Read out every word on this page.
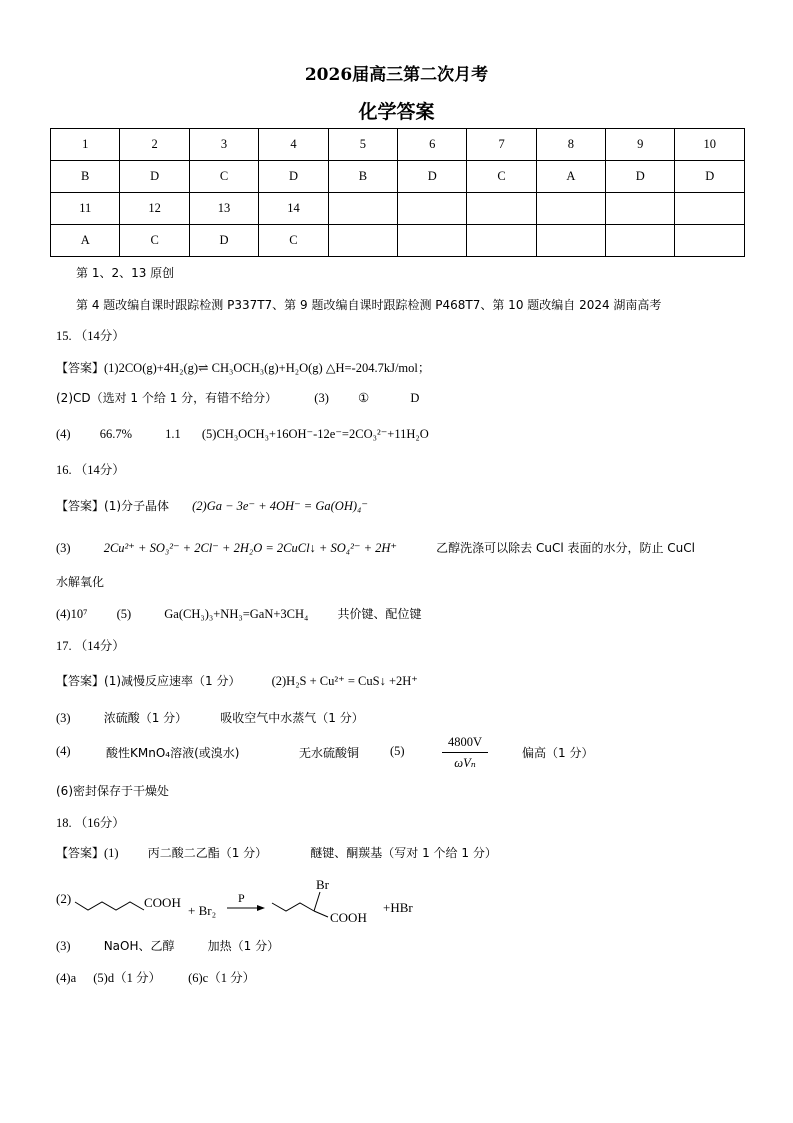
2026届高三第二次月考
化学答案
1	2	3	4	5	6	7	8	9	10
B	D	C	D	B	D	C	A	D	D
11	12	13	14						
A	C	D	C						
第 1、2、13 原创
第 4 题改编自课时跟踪检测 P337T7、第 9 题改编自课时跟踪检测 P468T7、第 10 题改编自 2024 湖南高考
15. （14分）
【答案】(1)2CO(g)+4H₂(g)⇌ CH₃OCH₃(g)+H₂O(g) △H=-204.7kJ/mol；
(2)CD（选对 1 个给 1 分，有错不给分）	(3) ①	D
(4) 66.7%	1.1 (5)CH₃OCH₃+16OH⁻-12e⁻=2CO₃²⁻+11H₂O
16. （14分）
【答案】(1)分子晶体 (2)Ga − 3e⁻ + 4OH⁻ = Ga(OH)₄⁻
(3)	2Cu²⁺ + SO₃²⁻ + 2Cl⁻ + 2H₂O = 2CuCl↓ + SO₄²⁻ + 2H⁺	乙醇洗涤可以除去 CuCl 表面的水分，防止 CuCl
水解氧化
(4)10⁷ (5)	Ga(CH₃)₃+NH₃=GaN+3CH₄ 共价键、配位键
17. （14分）
【答案】(1)减慢反应速率（1 分） (2)H₂S + Cu²⁺ = CuS↓ +2H⁺
(3)	浓硫酸（1 分）	吸收空气中水蒸气（1 分）
(4)	酸性KMnO₄溶液(或溴水)	无水硫酸铜 (5)
4800V
ωVₙ
偏高（1 分）
(6)密封保存于干燥处
18. （16分）
【答案】(1) 丙二酸二乙酯（1 分）	醚键、酮羰基（写对 1 个给 1 分）
(2)	COOH
+ Br₂
P
Br
COOH
+HBr
(3)	NaOH、乙醇	加热（1 分）
(4)a (5)d（1 分） (6)c（1 分）
